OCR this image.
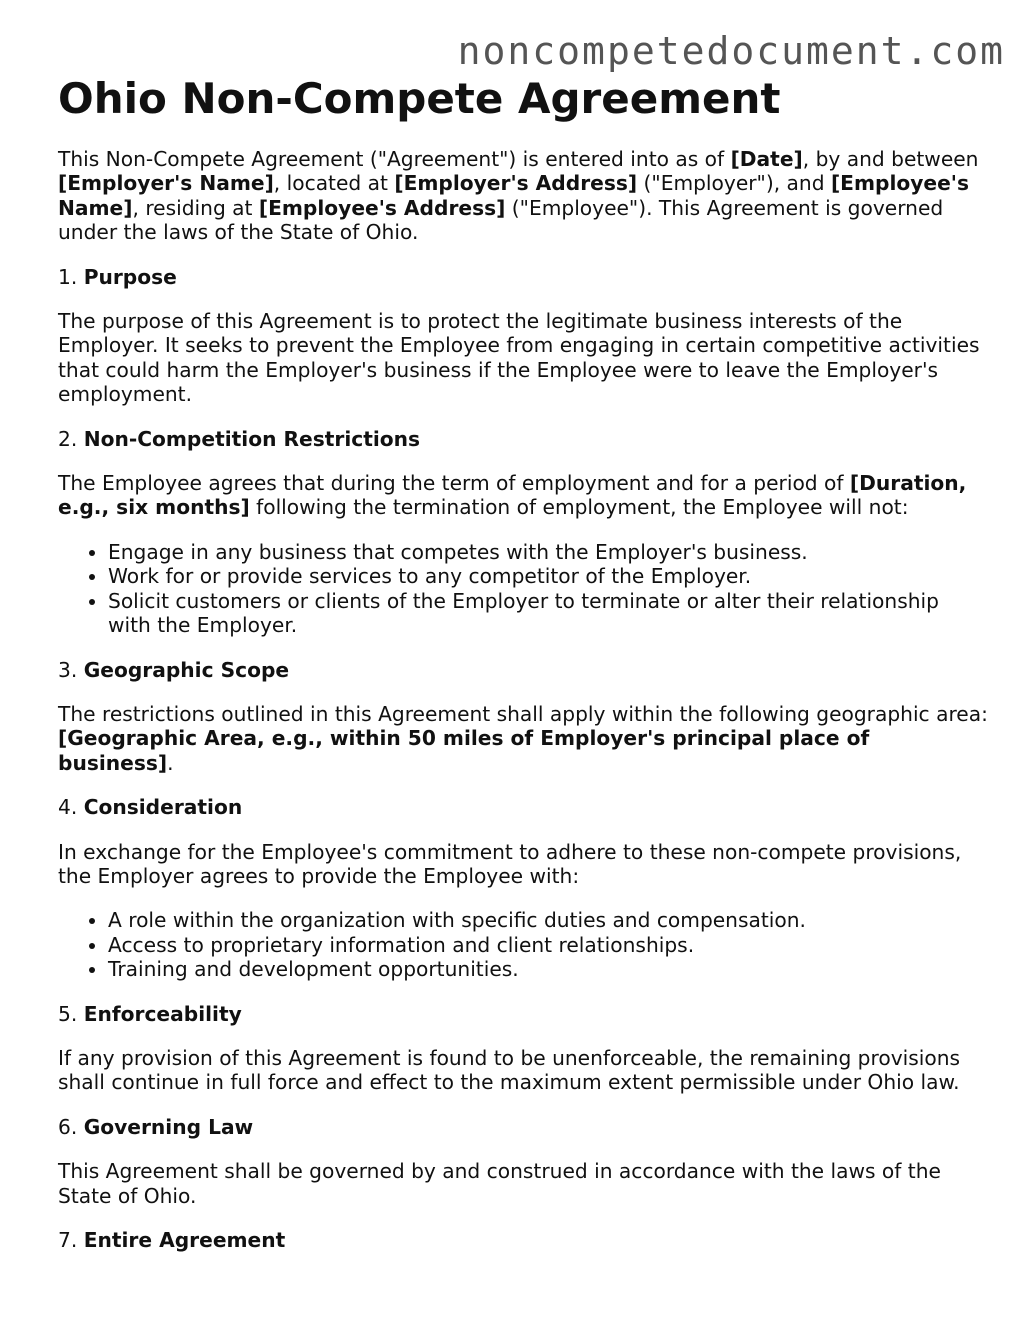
noncompetedocument.com
Ohio Non-Compete Agreement

This Non-Compete Agreement ("Agreement") is entered into as of [Date], by and between [Employer's Name], located at [Employer's Address] ("Employer"), and [Employee's Name], residing at [Employee's Address] ("Employee"). This Agreement is governed under the laws of the State of Ohio.

1. Purpose

The purpose of this Agreement is to protect the legitimate business interests of the Employer. It seeks to prevent the Employee from engaging in certain competitive activities that could harm the Employer's business if the Employee were to leave the Employer's employment.

2. Non-Competition Restrictions

The Employee agrees that during the term of employment and for a period of [Duration, e.g., six months] following the termination of employment, the Employee will not:

• Engage in any business that competes with the Employer's business.
• Work for or provide services to any competitor of the Employer.
• Solicit customers or clients of the Employer to terminate or alter their relationship with the Employer.

3. Geographic Scope

The restrictions outlined in this Agreement shall apply within the following geographic area: [Geographic Area, e.g., within 50 miles of Employer's principal place of business].

4. Consideration

In exchange for the Employee's commitment to adhere to these non-compete provisions, the Employer agrees to provide the Employee with:

• A role within the organization with specific duties and compensation.
• Access to proprietary information and client relationships.
• Training and development opportunities.

5. Enforceability

If any provision of this Agreement is found to be unenforceable, the remaining provisions shall continue in full force and effect to the maximum extent permissible under Ohio law.

6. Governing Law

This Agreement shall be governed by and construed in accordance with the laws of the State of Ohio.

7. Entire Agreement
